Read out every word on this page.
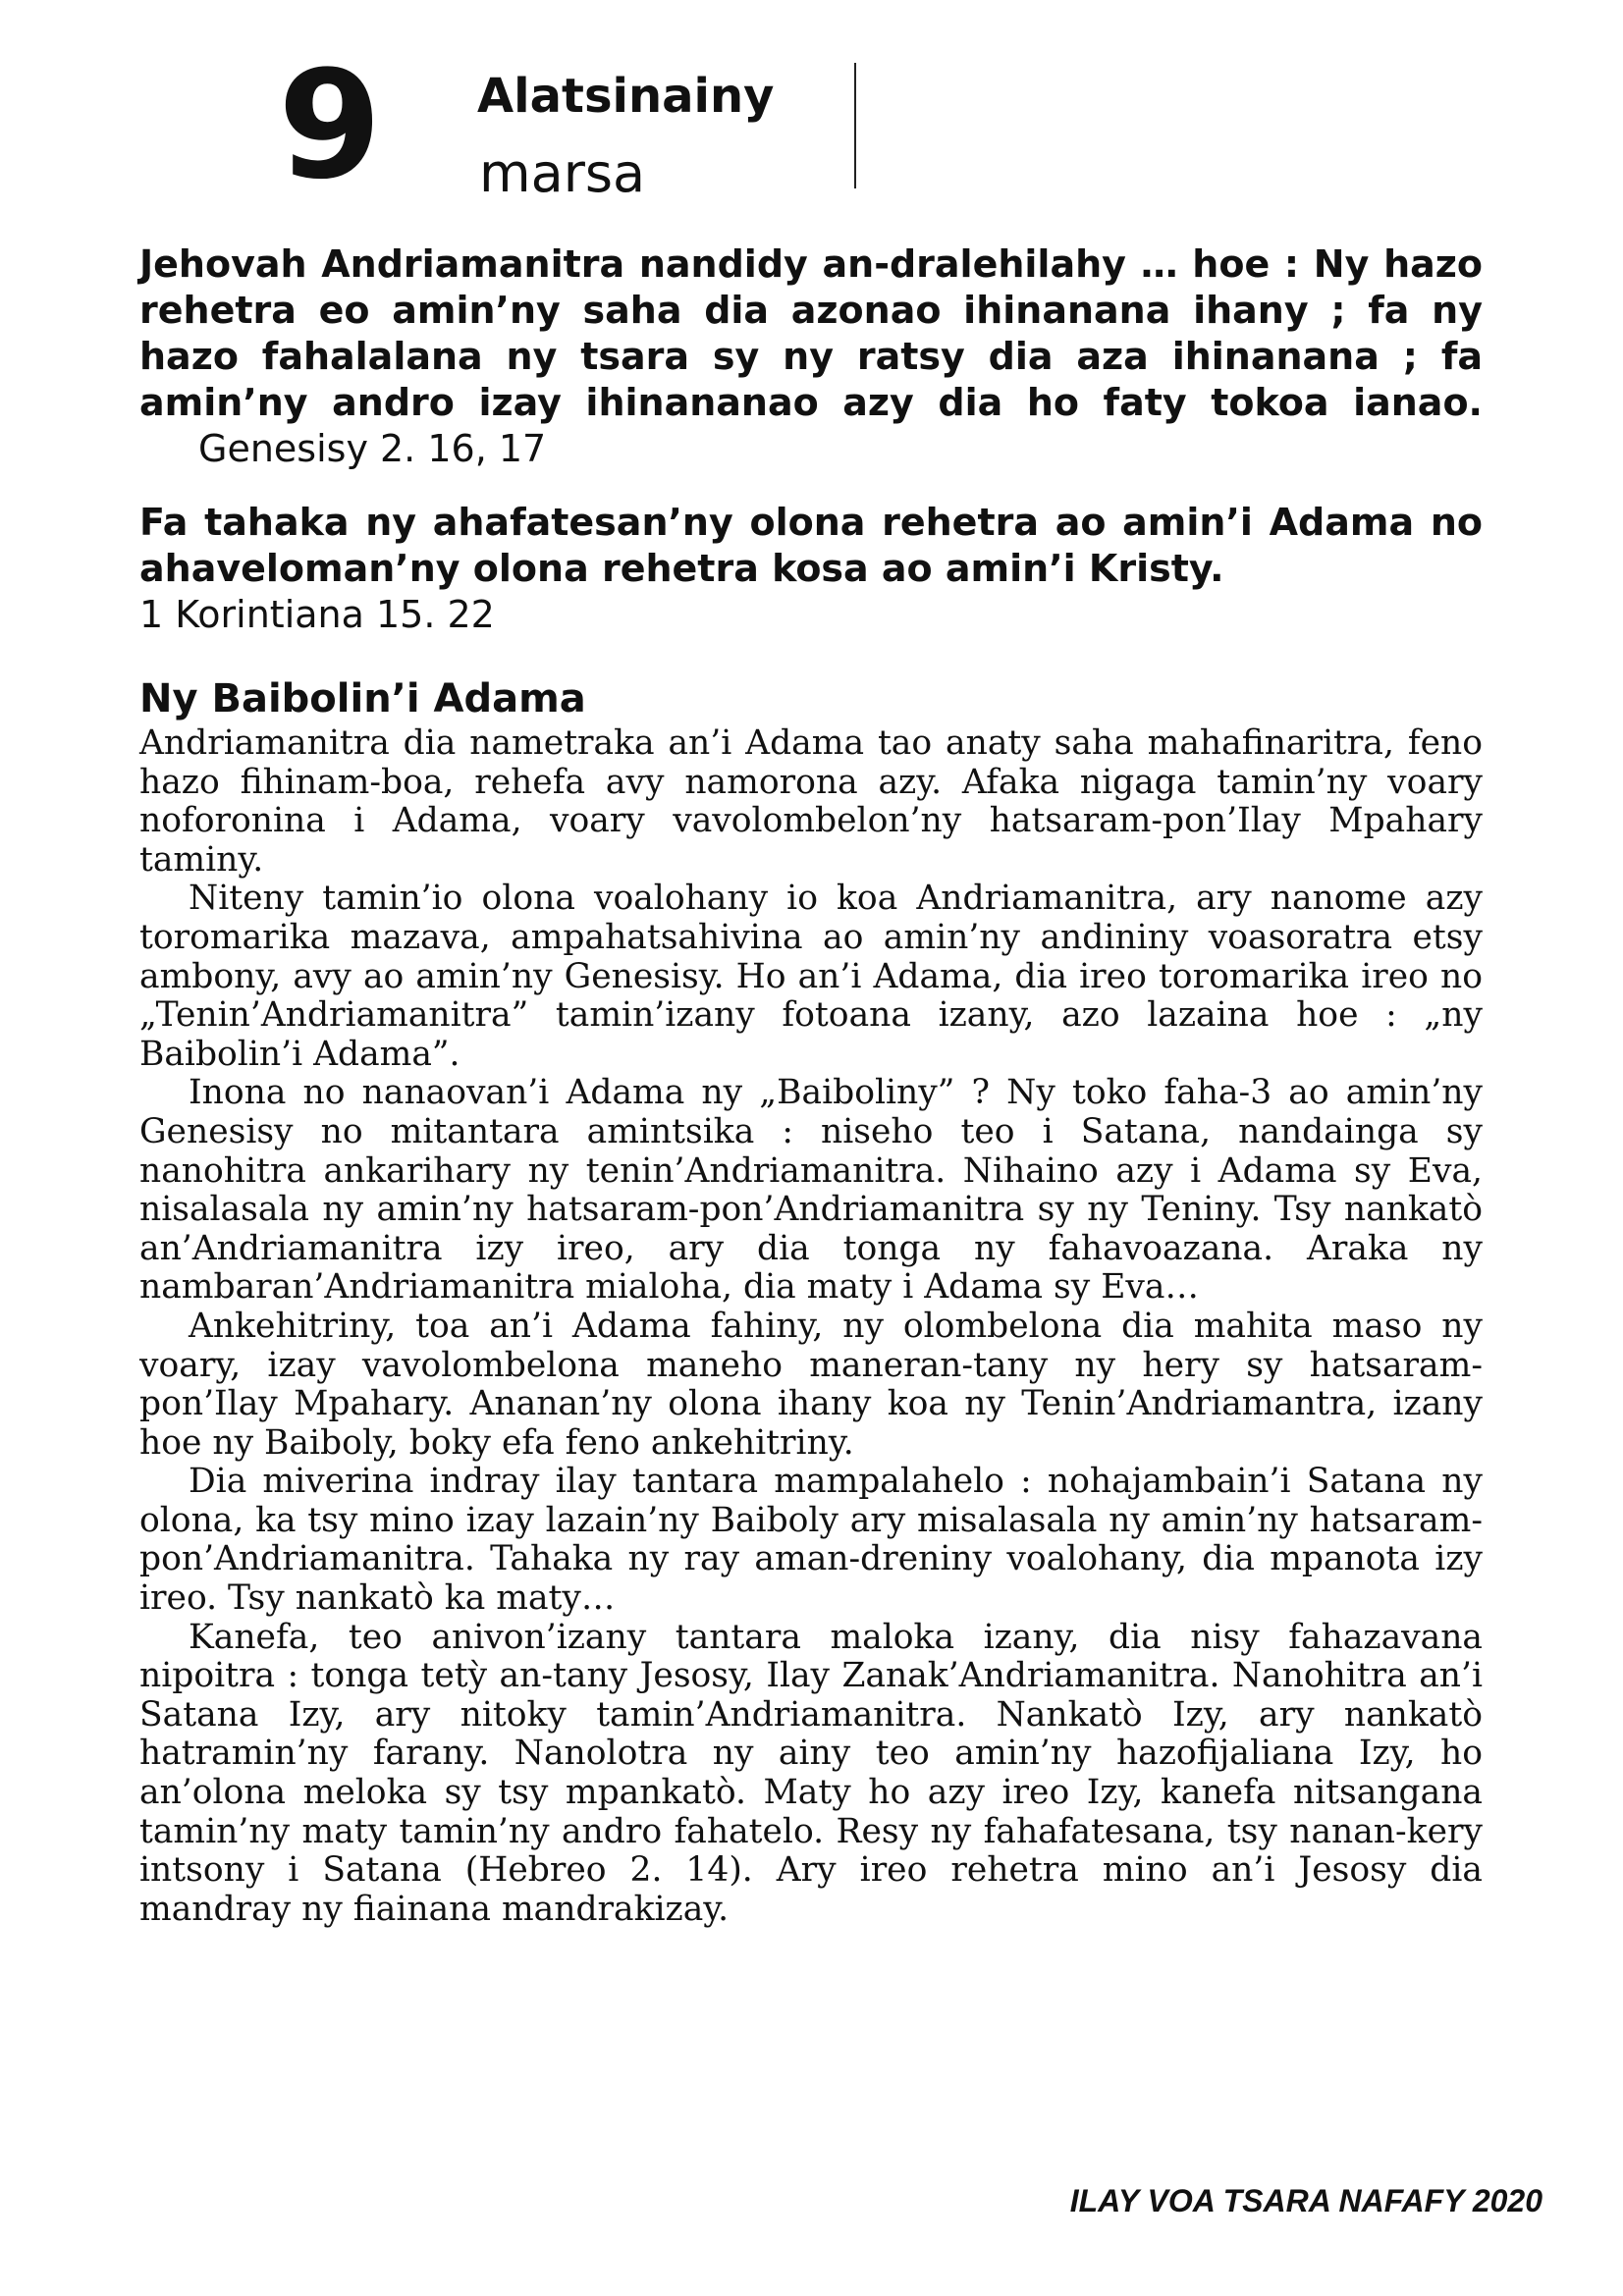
9 Alatsinainy
marsa

Jehovah Andriamanitra nandidy an-dralehilahy … hoe : Ny hazo rehetra eo amin’ny saha dia azonao ihinanana ihany ; fa ny hazo fahalalana ny tsara sy ny ratsy dia aza ihinanana ; fa amin’ny andro izay ihinananao azy dia ho faty tokoa ianao. Genesisy 2. 16, 17

Fa tahaka ny ahafatesan’ny olona rehetra ao amin’i Adama no ahaveloman’ny olona rehetra kosa ao amin’i Kristy.
1 Korintiana 15. 22

Ny Baibolin’i Adama

Andriamanitra dia nametraka an’i Adama tao anaty saha mahafinaritra, feno hazo fihinam-boa, rehefa avy namorona azy. Afaka nigaga tamin’ny voary noforonina i Adama, voary vavolombelon’ny hatsaram-pon’Ilay Mpahary taminy.

Niteny tamin’io olona voalohany io koa Andriamanitra, ary nanome azy toromarika mazava, ampahatsahivina ao amin’ny andininy voasoratra etsy ambony, avy ao amin’ny Genesisy. Ho an’i Adama, dia ireo toromarika ireo no „Tenin’Andriamanitra” tamin’izany fotoana izany, azo lazaina hoe : „ny Baibolin’i Adama”.

Inona no nanaovan’i Adama ny „Baiboliny” ? Ny toko faha-3 ao amin’ny Genesisy no mitantara amintsika : niseho teo i Satana, nandainga sy nanohitra ankarihary ny tenin’Andriamanitra. Nihaino azy i Adama sy Eva, nisalasala ny amin’ny hatsaram-pon’Andriamanitra sy ny Teniny. Tsy nankatò an’Andriamanitra izy ireo, ary dia tonga ny fahavoazana. Araka ny nambaran’Andriamanitra mialoha, dia maty i Adama sy Eva…

Ankehitriny, toa an’i Adama fahiny, ny olombelona dia mahita maso ny voary, izay vavolombelona maneho maneran-tany ny hery sy hatsaram-pon’Ilay Mpahary. Ananan’ny olona ihany koa ny Tenin’Andriamantra, izany hoe ny Baiboly, boky efa feno ankehitriny.

Dia miverina indray ilay tantara mampalahelo : nohajambain’i Satana ny olona, ka tsy mino izay lazain’ny Baiboly ary misalasala ny amin’ny hatsaram-pon’Andriamanitra. Tahaka ny ray aman-dreniny voalohany, dia mpanota izy ireo. Tsy nankatò ka maty…

Kanefa, teo anivon’izany tantara maloka izany, dia nisy fahazavana nipoitra : tonga tetỳ an-tany Jesosy, Ilay Zanak’Andriamanitra. Nanohitra an’i Satana Izy, ary nitoky tamin’Andriamanitra. Nankatò Izy, ary nankatò hatramin’ny farany. Nanolotra ny ainy teo amin’ny hazofijaliana Izy, ho an’olona meloka sy tsy mpankatò. Maty ho azy ireo Izy, kanefa nitsangana tamin’ny maty tamin’ny andro fahatelo. Resy ny fahafatesana, tsy nanan-kery intsony i Satana (Hebreo 2. 14). Ary ireo rehetra mino an’i Jesosy dia mandray ny fiainana mandrakizay.

ILAY VOA TSARA NAFAFY 2020
